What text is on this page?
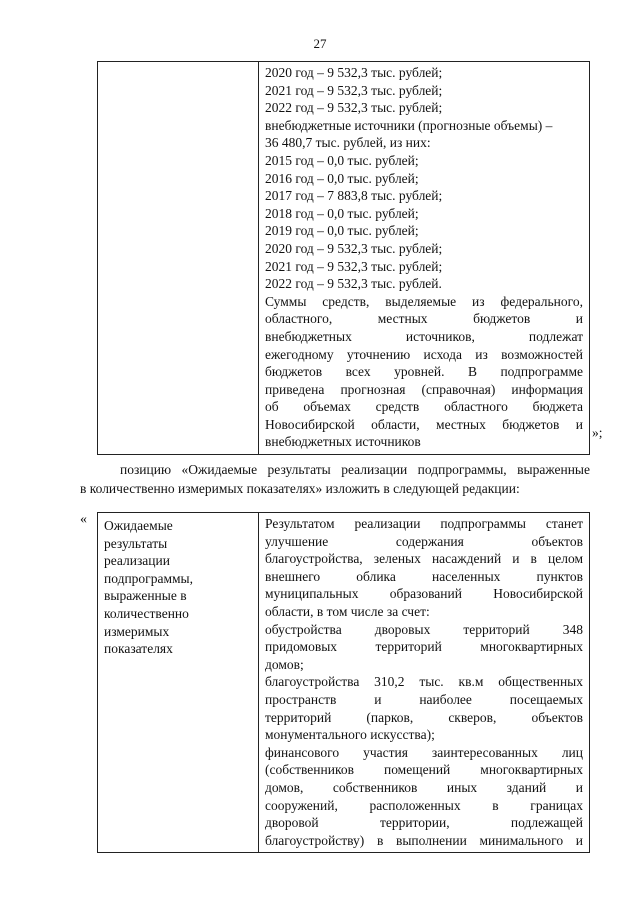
27

2020 год – 9 532,3 тыс. рублей;
2021 год – 9 532,3 тыс. рублей;
2022 год – 9 532,3 тыс. рублей;
внебюджетные источники (прогнозные объемы) –
36 480,7 тыс. рублей, из них:
2015 год – 0,0 тыс. рублей;
2016 год – 0,0 тыс. рублей;
2017 год – 7 883,8 тыс. рублей;
2018 год – 0,0 тыс. рублей;
2019 год – 0,0 тыс. рублей;
2020 год – 9 532,3 тыс. рублей;
2021 год – 9 532,3 тыс. рублей;
2022 год – 9 532,3 тыс. рублей.
Суммы средств, выделяемые из федерального,
областного, местных бюджетов и
внебюджетных источников, подлежат
ежегодному уточнению исхода из возможностей
бюджетов всех уровней. В подпрограмме
приведена прогнозная (справочная) информация
об объемах средств областного бюджета
Новосибирской области, местных бюджетов и
внебюджетных источников
»;
позицию «Ожидаемые результаты реализации подпрограммы, выраженные
в количественно измеримых показателях» изложить в следующей редакции:
« Ожидаемые
результаты
реализации
подпрограммы,
выраженные в
количественно
измеримых
показателях

Результатом реализации подпрограммы станет
улучшение содержания объектов
благоустройства, зеленых насаждений и в целом
внешнего облика населенных пунктов
муниципальных образований Новосибирской
области, в том числе за счет:
обустройства дворовых территорий 348
придомовых территорий многоквартирных
домов;
благоустройства 310,2 тыс. кв.м общественных
пространств и наиболее посещаемых
территорий (парков, скверов, объектов
монументального искусства);
финансового участия заинтересованных лиц
(собственников помещений многоквартирных
домов, собственников иных зданий и
сооружений, расположенных в границах
дворовой территории, подлежащей
благоустройству) в выполнении минимального и
